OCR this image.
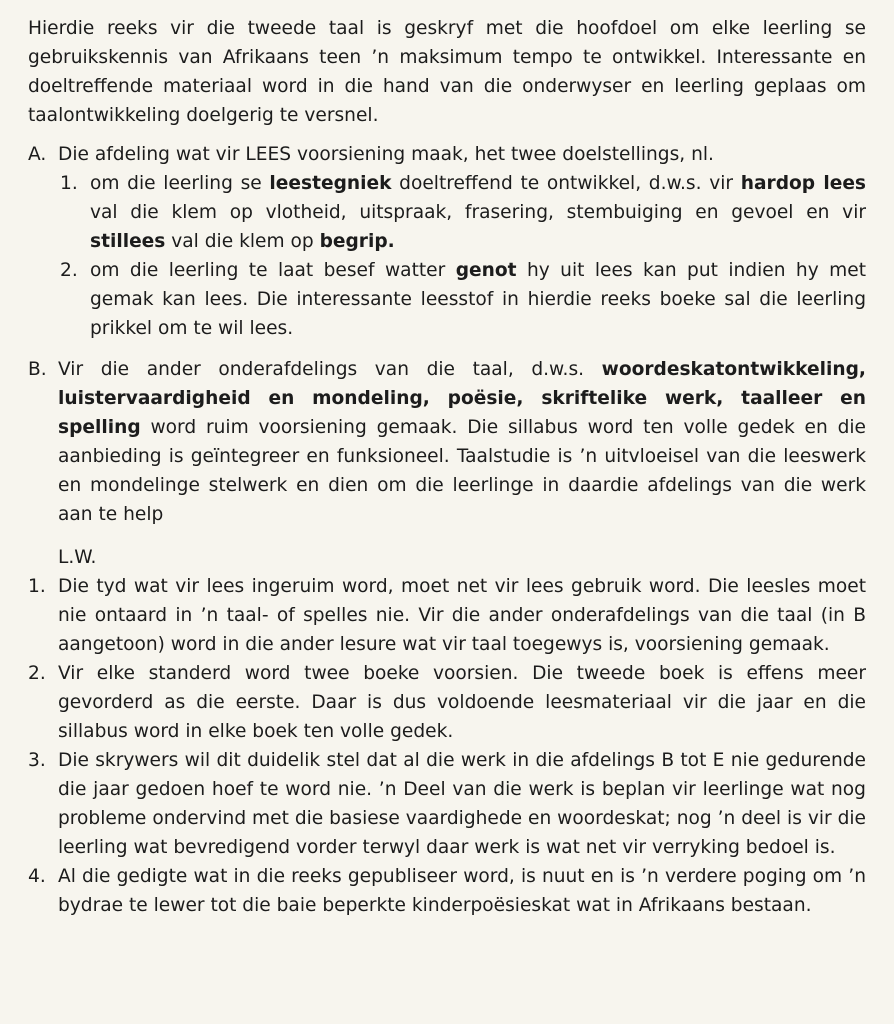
Hierdie reeks vir die tweede taal is geskryf met die hoofdoel om elke leerling se gebruikskennis van Afrikaans teen ’n maksimum tempo te ontwikkel. Interessante en doeltreffende materiaal word in die hand van die onderwyser en leerling geplaas om taalontwikkeling doelgerig te versnel.

A. Die afdeling wat vir LEES voorsiening maak, het twee doelstellings, nl.

1. om die leerling se leestegniek doeltreffend te ontwikkel, d.w.s. vir hardop lees val die klem op vlotheid, uitspraak, frasering, stembuiging en gevoel en vir stillees val die klem op begrip.
2. om die leerling te laat besef watter genot hy uit lees kan put indien hy met gemak kan lees. Die interessante leesstof in hierdie reeks boeke sal die leerling prikkel om te wil lees.
B. Vir die ander onderafdelings van die taal, d.w.s. woordeskatontwikkeling, luistervaardigheid en mondeling, poësie, skriftelike werk, taalleer en spelling word ruim voorsiening gemaak. Die sillabus word ten volle gedek en die aanbieding is geïntegreer en funksioneel. Taalstudie is ’n uitvloeisel van die leeswerk en mondelinge stelwerk en dien om die leerlinge in daardie afdelings van die werk aan te help

L.W.

1. Die tyd wat vir lees ingeruim word, moet net vir lees gebruik word. Die leesles moet nie ontaard in ’n taal- of spelles nie. Vir die ander onderafdelings van die taal (in B aangetoon) word in die ander lesure wat vir taal toegewys is, voorsiening gemaak.
2. Vir elke standerd word twee boeke voorsien. Die tweede boek is effens meer gevorderd as die eerste. Daar is dus voldoende leesmateriaal vir die jaar en die sillabus word in elke boek ten volle gedek.
3. Die skrywers wil dit duidelik stel dat al die werk in die afdelings B tot E nie gedurende die jaar gedoen hoef te word nie. ’n Deel van die werk is beplan vir leerlinge wat nog probleme ondervind met die basiese vaardighede en woordeskat; nog ’n deel is vir die leerling wat bevredigend vorder terwyl daar werk is wat net vir verryking bedoel is.
4. Al die gedigte wat in die reeks gepubliseer word, is nuut en is ’n verdere poging om ’n bydrae te lewer tot die baie beperkte kinderpoësieskat wat in Afrikaans bestaan.
